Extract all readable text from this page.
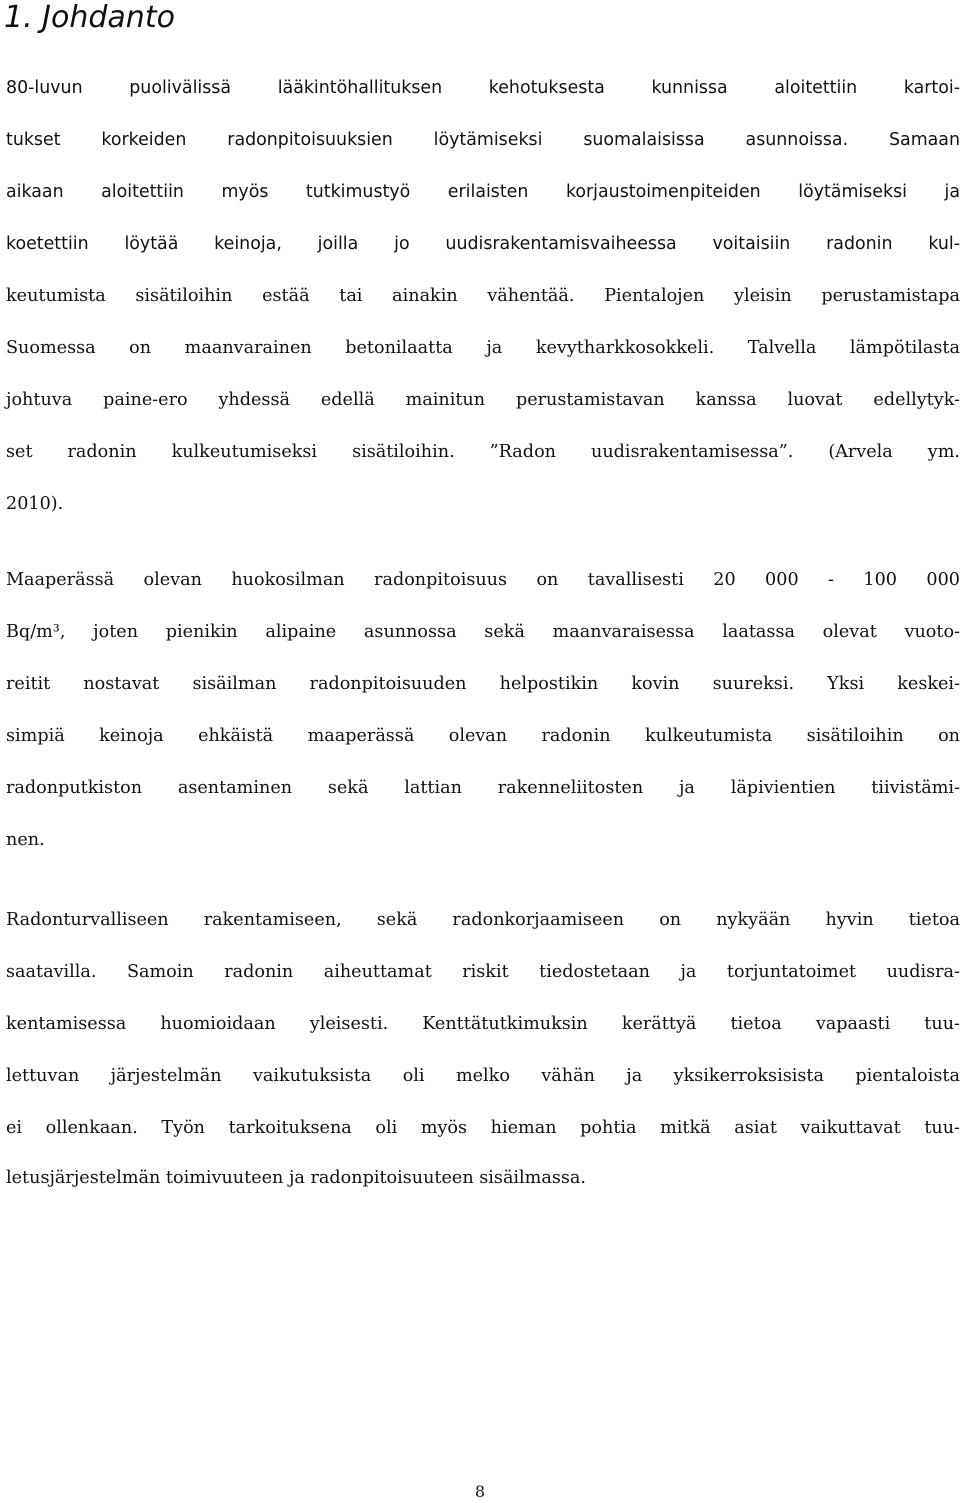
1. Johdanto
80-luvun puolivälissä lääkintöhallituksen kehotuksesta kunnissa aloitettiin kartoi-
tukset korkeiden radonpitoisuuksien löytämiseksi suomalaisissa asunnoissa. Samaan
aikaan aloitettiin myös tutkimustyö erilaisten korjaustoimenpiteiden löytämiseksi ja
koetettiin löytää keinoja, joilla jo uudisrakentamisvaiheessa voitaisiin radonin kul-
keutumista sisätiloihin estää tai ainakin vähentää. Pientalojen yleisin perustamistapa
Suomessa on maanvarainen betonilaatta ja kevytharkkosokkeli. Talvella lämpötilasta
johtuva paine-ero yhdessä edellä mainitun perustamistavan kanssa luovat edellytyk-
set radonin kulkeutumiseksi sisätiloihin. ”Radon uudisrakentamisessa”. (Arvela ym.
2010).
Maaperässä olevan huokosilman radonpitoisuus on tavallisesti 20 000 - 100 000
Bq/m³, joten pienikin alipaine asunnossa sekä maanvaraisessa laatassa olevat vuoto-
reitit nostavat sisäilman radonpitoisuuden helpostikin kovin suureksi. Yksi keskei-
simpiä keinoja ehkäistä maaperässä olevan radonin kulkeutumista sisätiloihin on
radonputkiston asentaminen sekä lattian rakenneliitosten ja läpivientien tiivistämi-
nen.
Radonturvalliseen rakentamiseen, sekä radonkorjaamiseen on nykyään hyvin tietoa
saatavilla. Samoin radonin aiheuttamat riskit tiedostetaan ja torjuntatoimet uudisra-
kentamisessa huomioidaan yleisesti. Kenttätutkimuksin kerättyä tietoa vapaasti tuu-
lettuvan järjestelmän vaikutuksista oli melko vähän ja yksikerroksisista pientaloista
ei ollenkaan. Työn tarkoituksena oli myös hieman pohtia mitkä asiat vaikuttavat tuu-
letusjärjestelmän toimivuuteen ja radonpitoisuuteen sisäilmassa.
8
